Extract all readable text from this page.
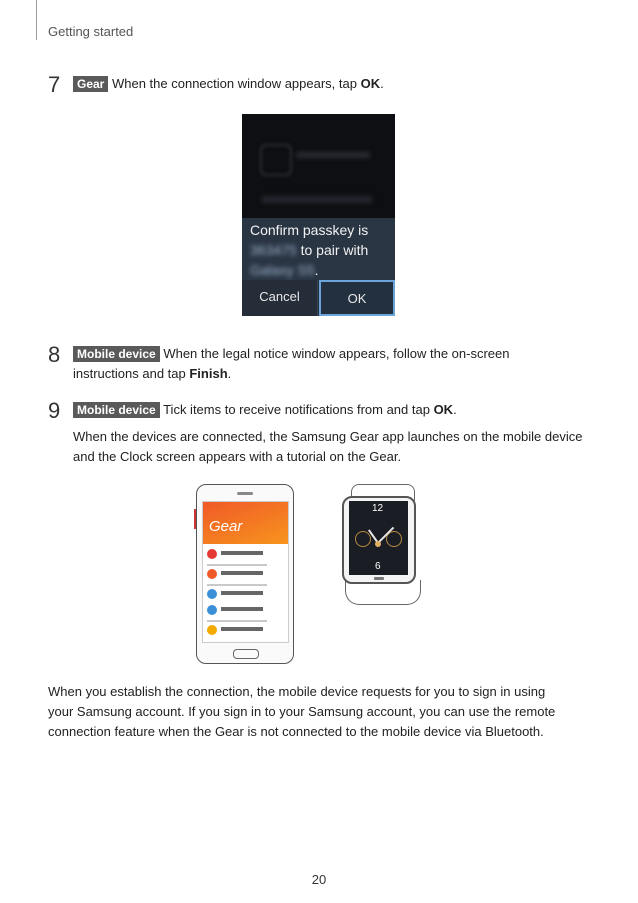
Getting started
7	Gear When the connection window appears, tap OK.
Confirm passkey is
363475 to pair with
Galaxy S5.
Cancel	OK
8	Mobile device When the legal notice window appears, follow the on-screen
instructions and tap Finish.
9	Mobile device Tick items to receive notifications from and tap OK.
When the devices are connected, the Samsung Gear app launches on the mobile device
and the Clock screen appears with a tutorial on the Gear.
Gear
12
6
When you establish the connection, the mobile device requests for you to sign in using
your Samsung account. If you sign in to your Samsung account, you can use the remote
connection feature when the Gear is not connected to the mobile device via Bluetooth.
20
